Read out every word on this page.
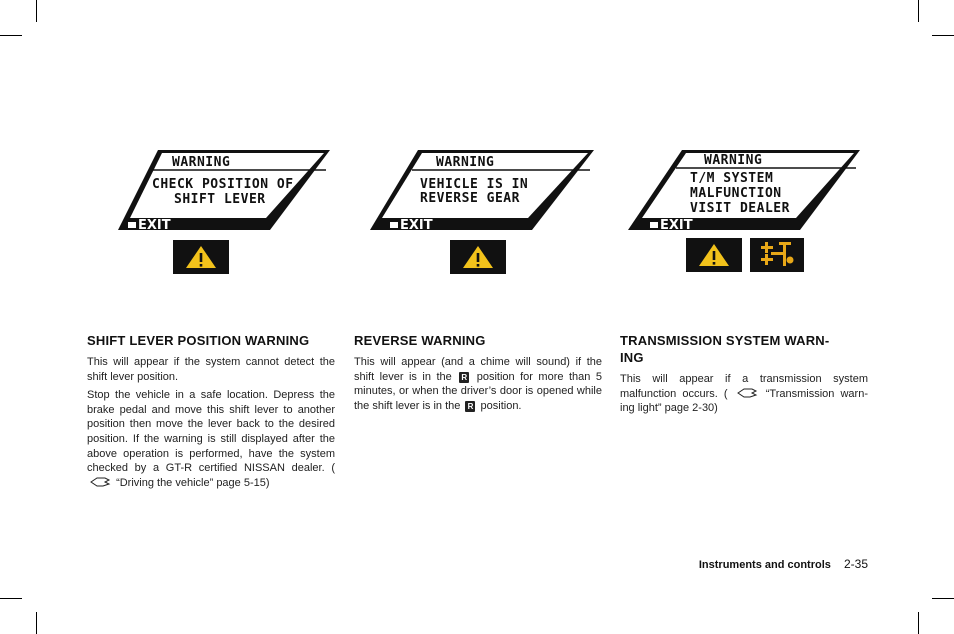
WARNING
CHECK POSITION OF
SHIFT LEVER
EXIT
WARNING
VEHICLE IS IN
REVERSE GEAR
EXIT
WARNING
T/M SYSTEM
MALFUNCTION
VISIT DEALER
EXIT
SHIFT LEVER POSITION WARNING

This will appear if the system cannot detect the shift lever position.

Stop the vehicle in a safe location. Depress the brake pedal and move this shift lever to another position then move the lever back to the desired position. If the warning is still displayed after the above operation is performed, have the system checked by a GT-R certified NISSAN dealer. (  “Driving the vehicle” page 5-15)

REVERSE WARNING

This will appear (and a chime will sound) if the shift lever is in the R position for more than 5 minutes, or when the driver’s door is opened while the shift lever is in the R position.

TRANSMISSION SYSTEM WARN-
ING

This will appear if a transmission system malfunction occurs. (	“Transmission warn- ing light” page 2-30)

Instruments and controls 2-35
